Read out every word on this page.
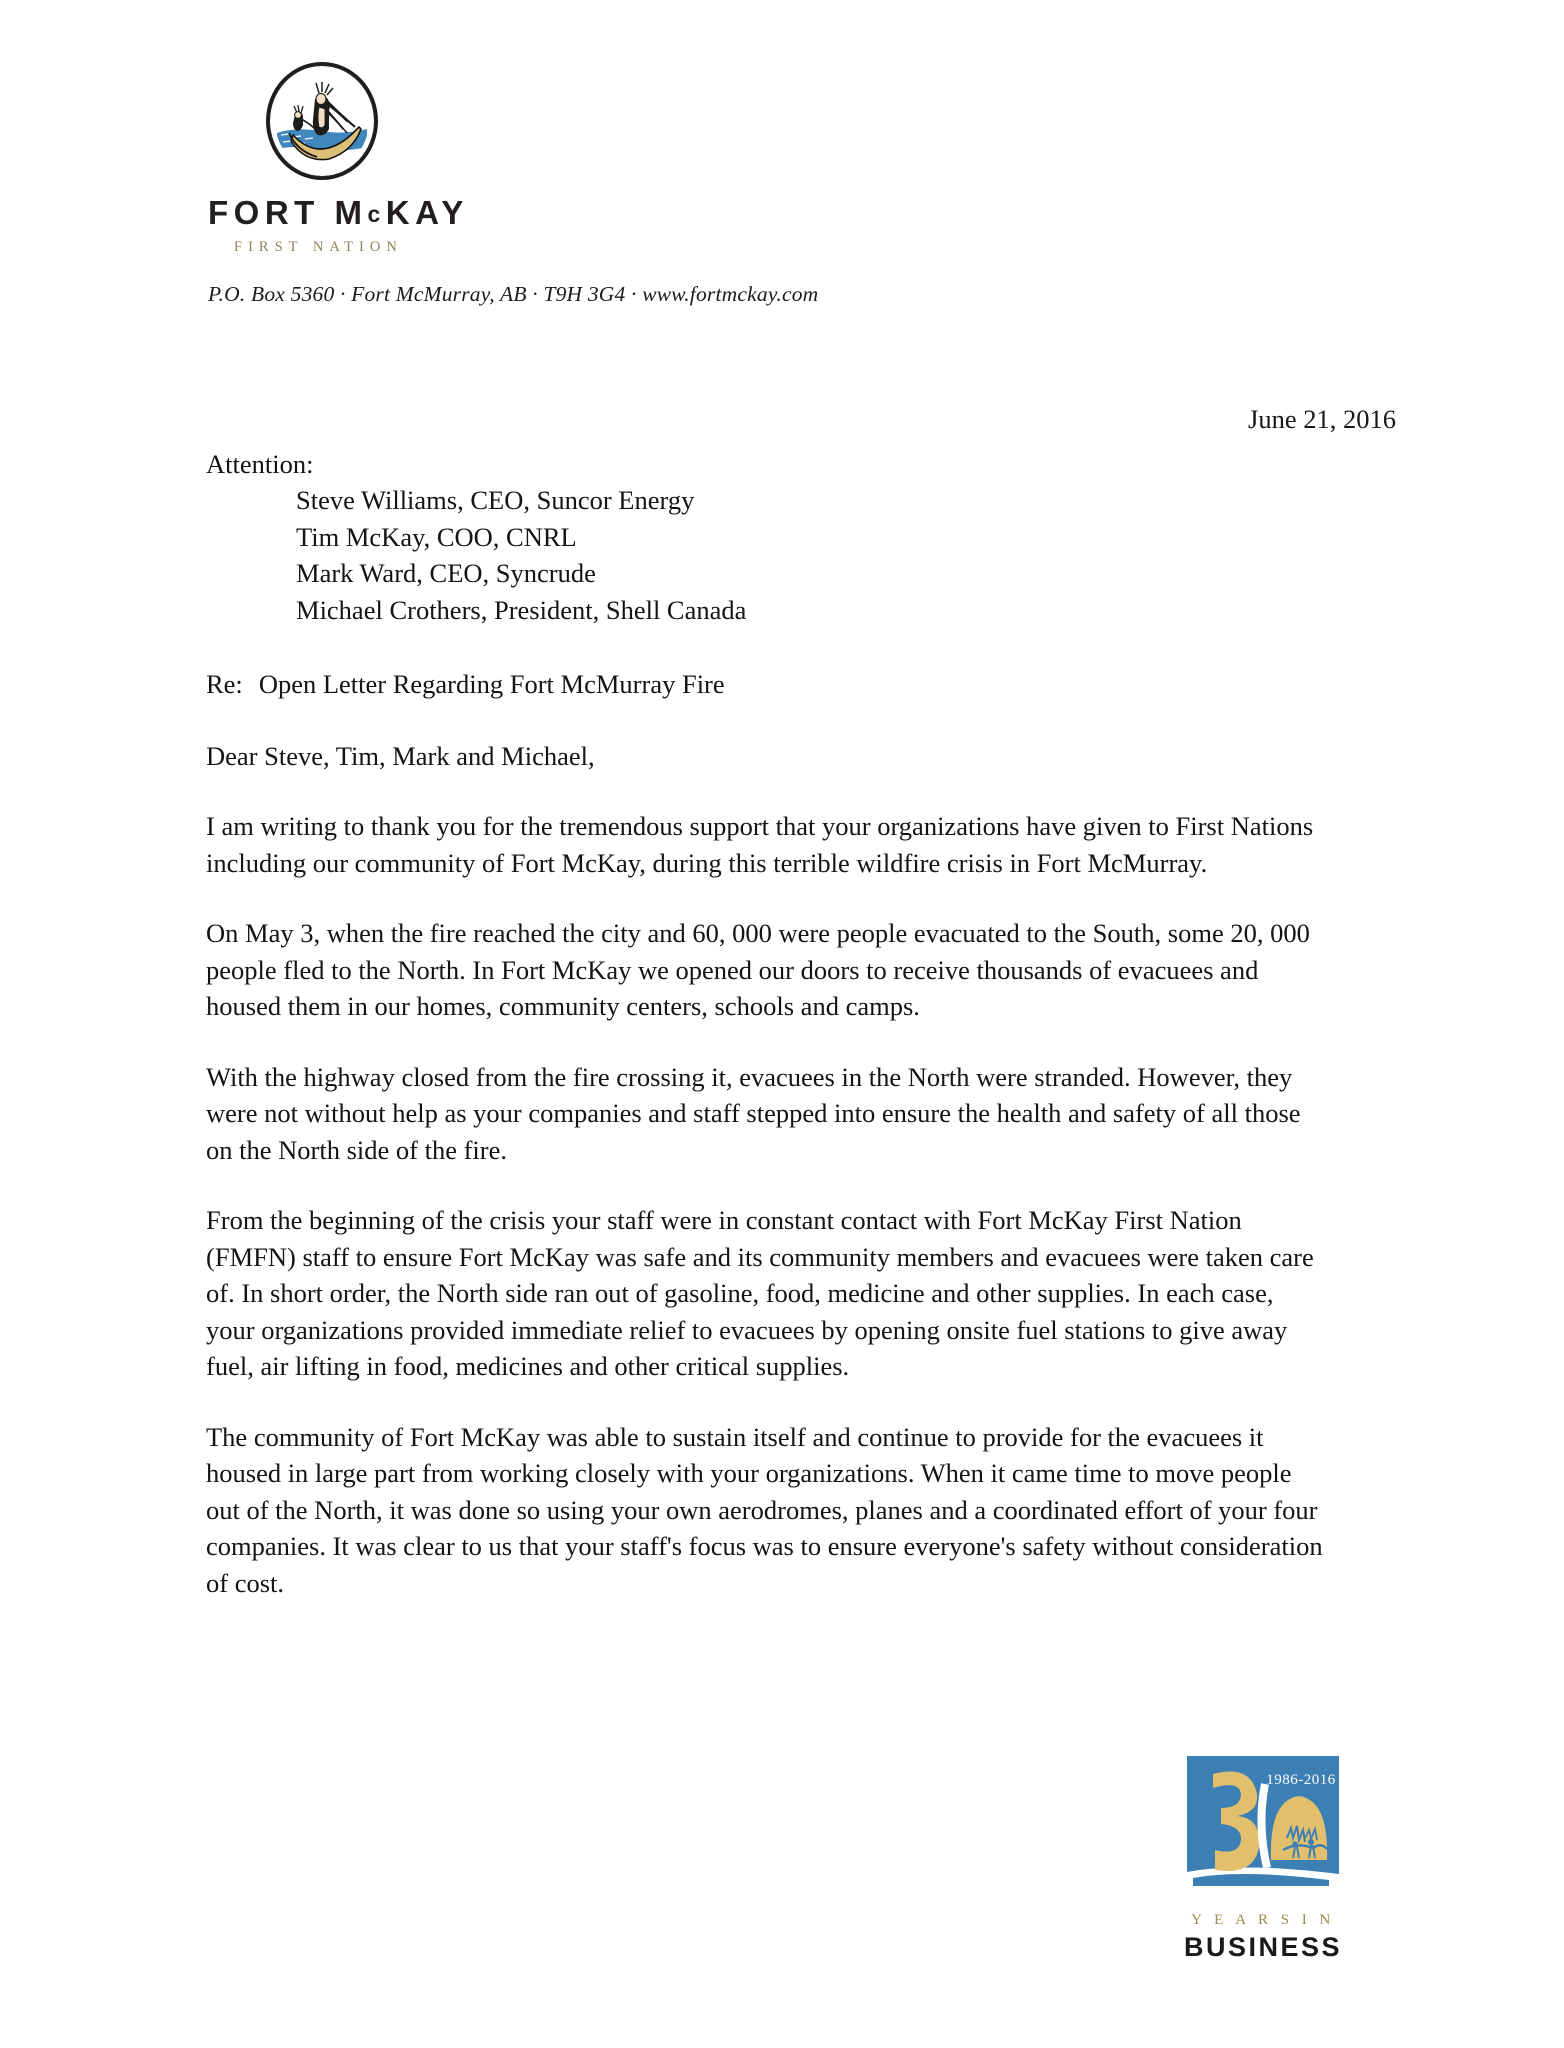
FORT McKAY
FIRST NATION
P.O. Box 5360 · Fort McMurray, AB · T9H 3G4 · www.fortmckay.com
June 21, 2016
Attention:
Steve Williams, CEO, Suncor Energy
Tim McKay, COO, CNRL
Mark Ward, CEO, Syncrude
Michael Crothers, President, Shell Canada
Re: Open Letter Regarding Fort McMurray Fire
Dear Steve, Tim, Mark and Michael,

I am writing to thank you for the tremendous support that your organizations have given to First Nations including our community of Fort McKay, during this terrible wildfire crisis in Fort McMurray.

On May 3, when the fire reached the city and 60, 000 were people evacuated to the South, some 20, 000 people fled to the North. In Fort McKay we opened our doors to receive thousands of evacuees and housed them in our homes, community centers, schools and camps.

With the highway closed from the fire crossing it, evacuees in the North were stranded. However, they were not without help as your companies and staff stepped into ensure the health and safety of all those on the North side of the fire.

From the beginning of the crisis your staff were in constant contact with Fort McKay First Nation (FMFN) staff to ensure Fort McKay was safe and its community members and evacuees were taken care of. In short order, the North side ran out of gasoline, food, medicine and other supplies. In each case, your organizations provided immediate relief to evacuees by opening onsite fuel stations to give away fuel, air lifting in food, medicines and other critical supplies.

The community of Fort McKay was able to sustain itself and continue to provide for the evacuees it housed in large part from working closely with your organizations. When it came time to move people out of the North, it was done so using your own aerodromes, planes and a coordinated effort of your four companies. It was clear to us that your staff's focus was to ensure everyone's safety without consideration of cost.

1986-2016
Y E A R S I N
BUSINESS
